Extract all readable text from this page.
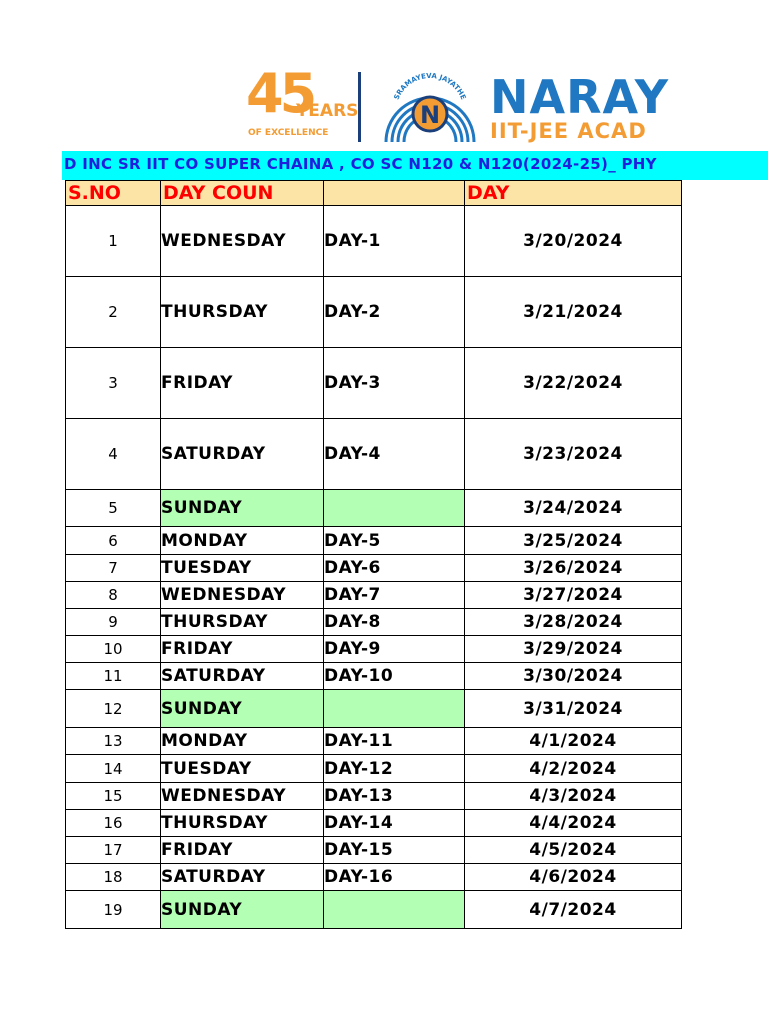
45
YEARS
OF EXCELLENCE
SRAMAYEVA JAYATHE
N NARAY
IIT-JEE ACAD
D INC SR IIT CO SUPER CHAINA , CO SC N120 & N120(2024-25)_ PHY
S.NO	DAY COUN		DAY
1	WEDNESDAY	DAY-1	3/20/2024
2	THURSDAY	DAY-2	3/21/2024
3	FRIDAY	DAY-3	3/22/2024
4	SATURDAY	DAY-4	3/23/2024
5	SUNDAY		3/24/2024
6	MONDAY	DAY-5	3/25/2024
7	TUESDAY	DAY-6	3/26/2024
8	WEDNESDAY	DAY-7	3/27/2024
9	THURSDAY	DAY-8	3/28/2024
10	FRIDAY	DAY-9	3/29/2024
11	SATURDAY	DAY-10	3/30/2024
12	SUNDAY		3/31/2024
13	MONDAY	DAY-11	4/1/2024
14	TUESDAY	DAY-12	4/2/2024
15	WEDNESDAY	DAY-13	4/3/2024
16	THURSDAY	DAY-14	4/4/2024
17	FRIDAY	DAY-15	4/5/2024
18	SATURDAY	DAY-16	4/6/2024
19	SUNDAY		4/7/2024
